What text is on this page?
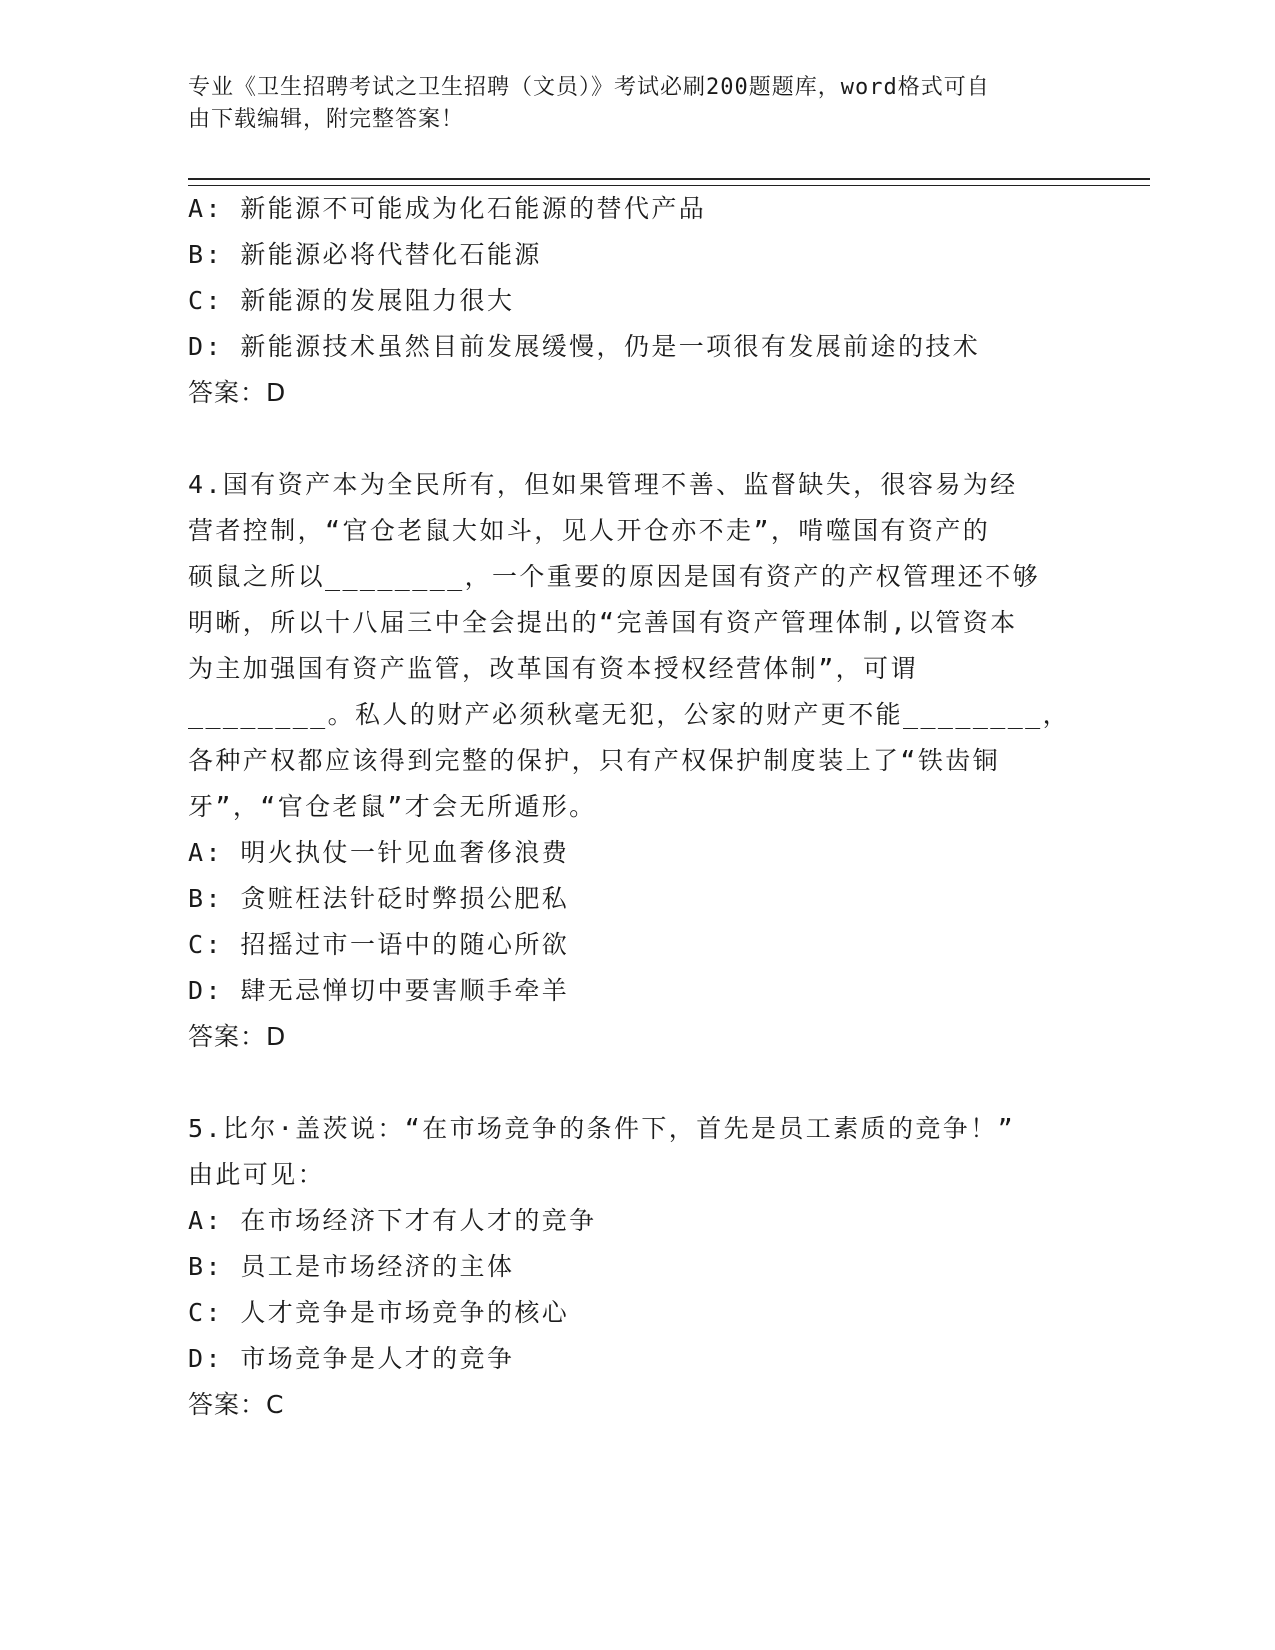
专业《卫生招聘考试之卫生招聘（文员）》考试必刷200题题库，word格式可自
由下载编辑，附完整答案！
A: 新能源不可能成为化石能源的替代产品
B: 新能源必将代替化石能源
C: 新能源的发展阻力很大
D: 新能源技术虽然目前发展缓慢，仍是一项很有发展前途的技术
答案：D
4.国有资产本为全民所有，但如果管理不善、监督缺失，很容易为经
营者控制，“官仓老鼠大如斗，见人开仓亦不走”，啃噬国有资产的
硕鼠之所以________，一个重要的原因是国有资产的产权管理还不够
明晰，所以十八届三中全会提出的“完善国有资产管理体制,以管资本
为主加强国有资产监管，改革国有资本授权经营体制”，可谓
________。私人的财产必须秋毫无犯，公家的财产更不能________，
各种产权都应该得到完整的保护，只有产权保护制度装上了“铁齿铜
牙”，“官仓老鼠”才会无所遁形。
A: 明火执仗一针见血奢侈浪费
B: 贪赃枉法针砭时弊损公肥私
C: 招摇过市一语中的随心所欲
D: 肆无忌惮切中要害顺手牵羊
答案：D
5.比尔·盖茨说：“在市场竞争的条件下，首先是员工素质的竞争！”
由此可见：
A: 在市场经济下才有人才的竞争
B: 员工是市场经济的主体
C: 人才竞争是市场竞争的核心
D: 市场竞争是人才的竞争
答案：C
